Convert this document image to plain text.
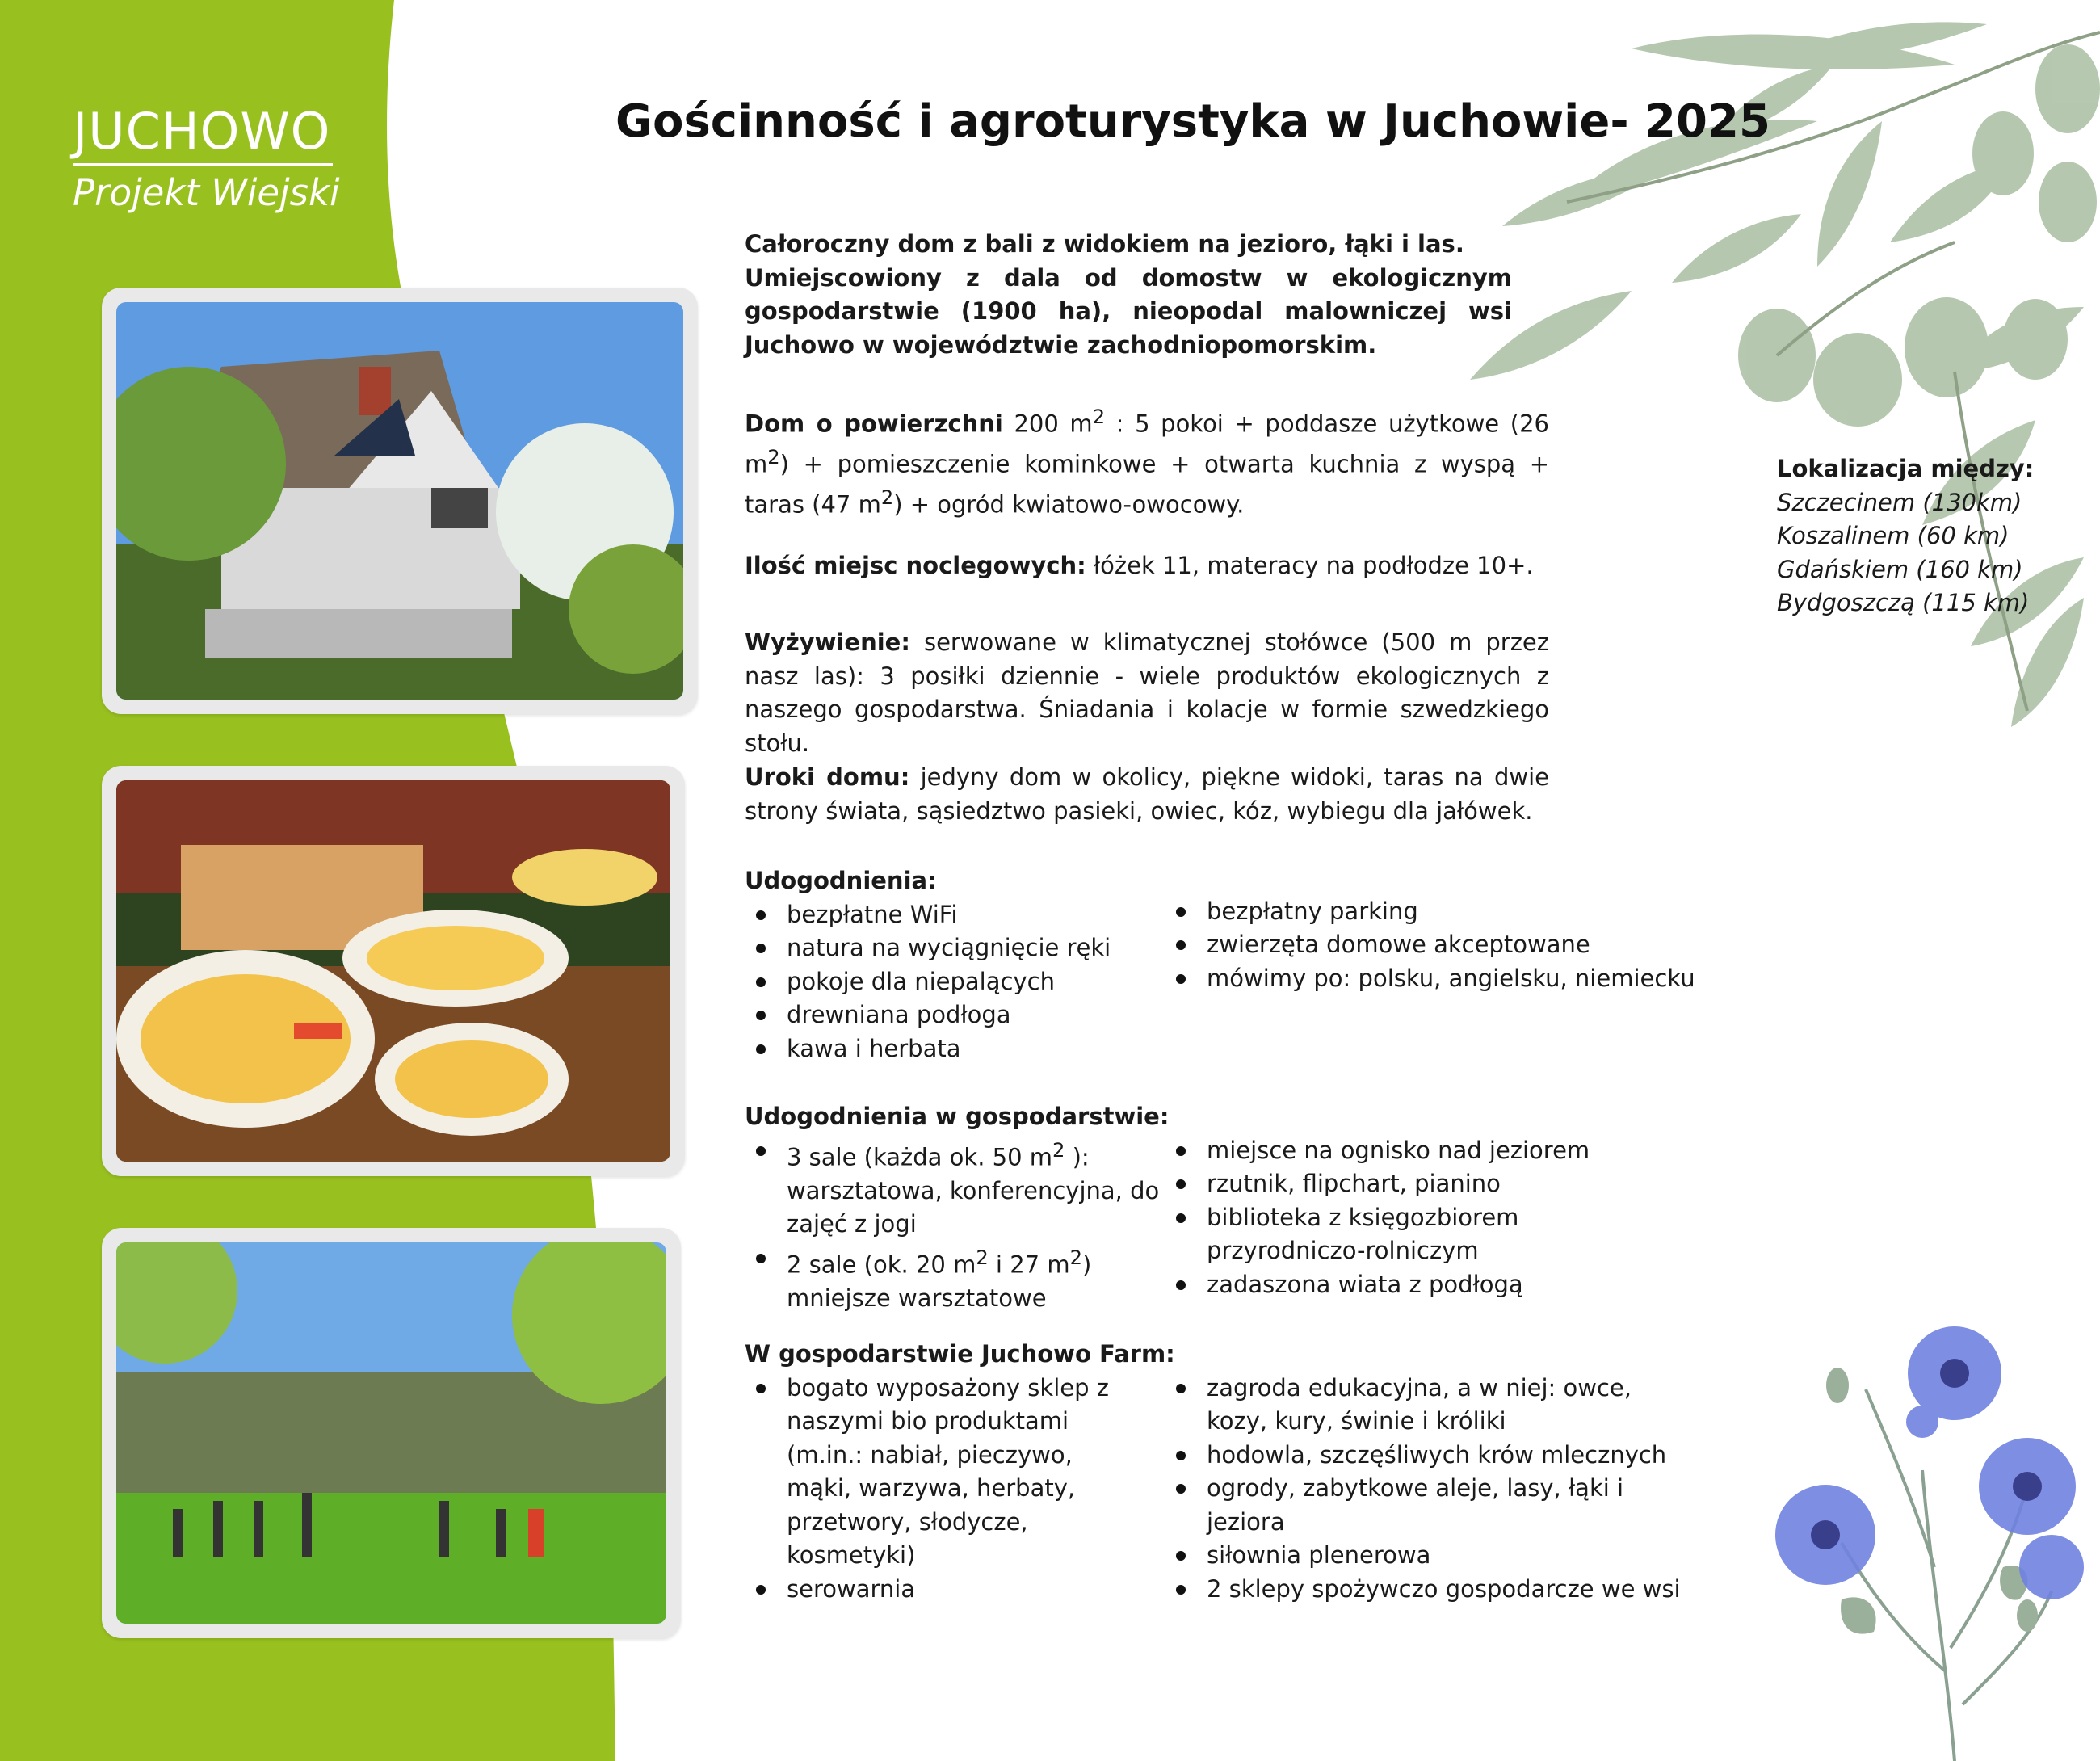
JUCHOWO
Projekt Wiejski
Gościnność i agroturystyka w Juchowie- 2025
Całoroczny dom z bali z widokiem na jezioro, łąki i las.
Umiejscowiony z dala od domostw w ekologicznym gospodarstwie (1900 ha), nieopodal malowniczej wsi Juchowo w województwie zachodniopomorskim.
Dom o powierzchni 200 $m^2$ : 5 pokoi + poddasze użytkowe (26 $m^2$) + pomieszczenie kominkowe + otwarta kuchnia z wyspą + taras (47 $m^2$) + ogród kwiatowo-owocowy.
Ilość miejsc noclegowych: łóżek 11, materacy na podłodze 10+.
Wyżywienie: serwowane w klimatycznej stołówce (500 m przez nasz las): 3 posiłki dziennie - wiele produktów ekologicznych z naszego gospodarstwa. Śniadania i kolacje w formie szwedzkiego stołu.
Uroki domu: jedyny dom w okolicy, piękne widoki, taras na dwie strony świata, sąsiedztwo pasieki, owiec, kóz, wybiegu dla jałówek.
Udogodnienia:
bezpłatne WiFi
natura na wyciągnięcie ręki
pokoje dla niepalących
drewniana podłoga
kawa i herbata
bezpłatny parking
zwierzęta domowe akceptowane
mówimy po: polsku, angielsku, niemiecku
Udogodnienia w gospodarstwie:
3 sale (każda ok. 50 $m^2$ ): warsztatowa, konferencyjna, do zajęć z jogi
2 sale (ok. 20 $m^2$ i 27 $m^2$) mniejsze warsztatowe
miejsce na ognisko nad jeziorem
rzutnik, flipchart, pianino
biblioteka z księgozbiorem przyrodniczo-rolniczym
zadaszona wiata z podłogą
W gospodarstwie Juchowo Farm:
bogato wyposażony sklep z naszymi bio produktami (m.in.: nabiał, pieczywo, mąki, warzywa, herbaty, przetwory, słodycze, kosmetyki)
serowarnia
zagroda edukacyjna, a w niej: owce, kozy, kury, świnie i króliki
hodowla, szczęśliwych krów mlecznych
ogrody, zabytkowe aleje, lasy, łąki i jeziora
siłownia plenerowa
2 sklepy spożywczo gospodarcze we wsi
Lokalizacja między:
Szczecinem (130km)
Koszalinem (60 km)
Gdańskiem (160 km)
Bydgoszczą (115 km)
